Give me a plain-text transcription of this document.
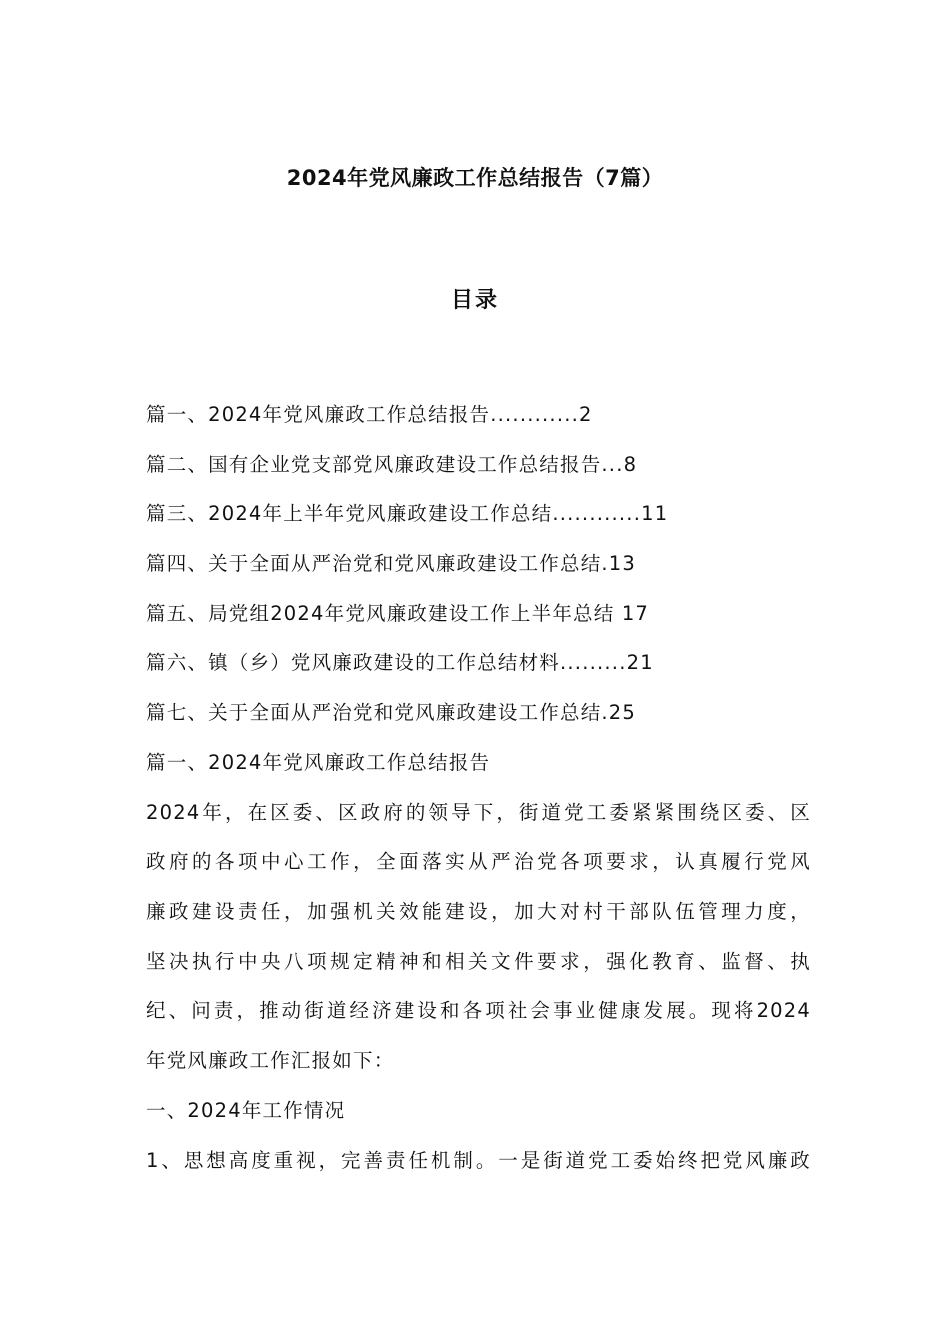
2024年党风廉政工作总结报告（7篇）
目录
篇一、2024年党风廉政工作总结报告............2
篇二、国有企业党支部党风廉政建设工作总结报告...8
篇三、2024年上半年党风廉政建设工作总结............11
篇四、关于全面从严治党和党风廉政建设工作总结.13
篇五、局党组2024年党风廉政建设工作上半年总结 17
篇六、镇（乡）党风廉政建设的工作总结材料.........21
篇七、关于全面从严治党和党风廉政建设工作总结.25

篇一、2024年党风廉政工作总结报告

2024年，在区委、区政府的领导下，街道党工委紧紧围绕区委、区

政府的各项中心工作，全面落实从严治党各项要求，认真履行党风

廉政建设责任，加强机关效能建设，加大对村干部队伍管理力度，

坚决执行中央八项规定精神和相关文件要求，强化教育、监督、执

纪、问责，推动街道经济建设和各项社会事业健康发展。现将2024

年党风廉政工作汇报如下：

一、2024年工作情况

1、思想高度重视，完善责任机制。一是街道党工委始终把党风廉政
